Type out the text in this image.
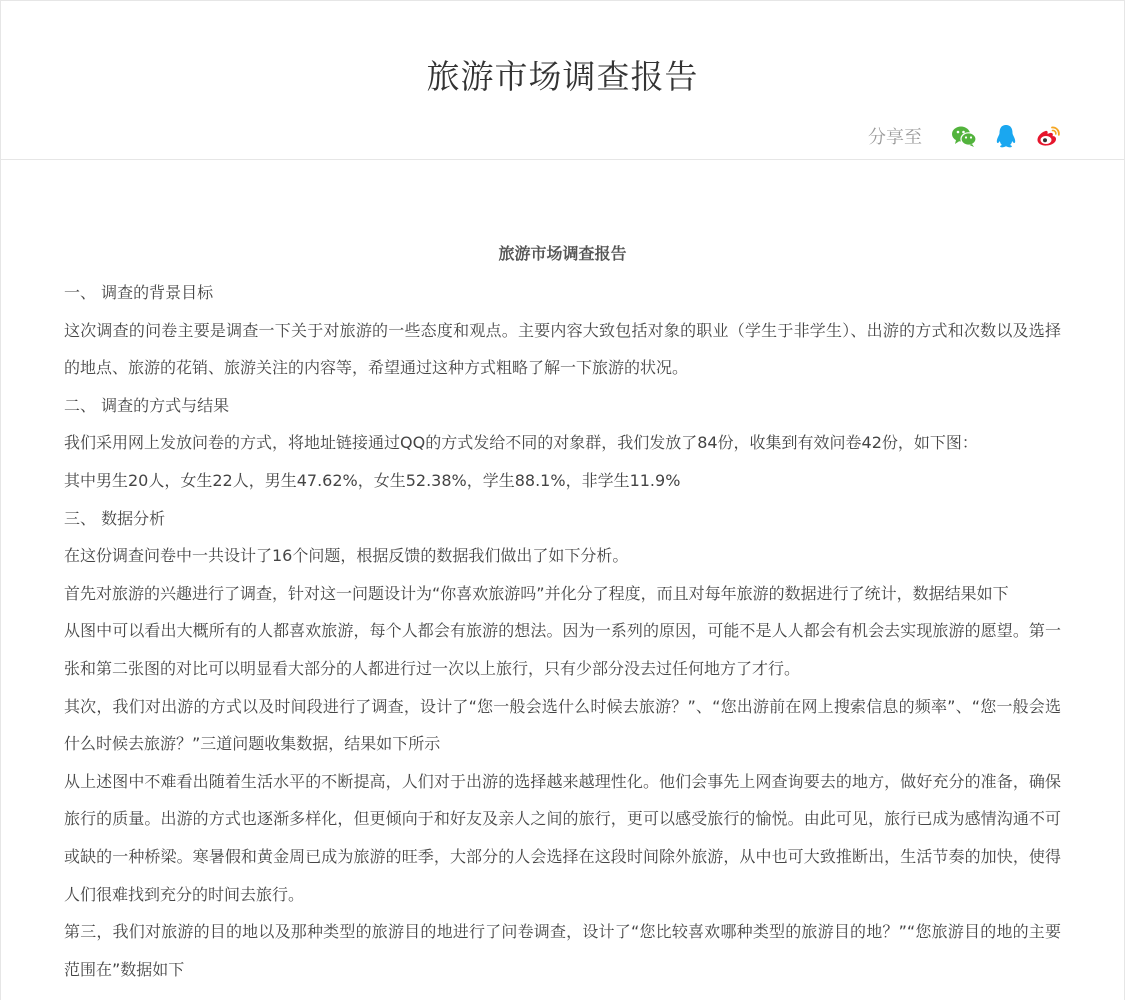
旅游市场调查报告
分享至

旅游市场调查报告

一、 调查的背景目标

这次调查的问卷主要是调查一下关于对旅游的一些态度和观点。主要内容大致包括对象的职业（学生于非学生）、出游的方式和次数以及选择的地点、旅游的花销、旅游关注的内容等，希望通过这种方式粗略了解一下旅游的状况。

二、 调查的方式与结果

我们采用网上发放问卷的方式，将地址链接通过QQ的方式发给不同的对象群，我们发放了84份，收集到有效问卷42份，如下图：

其中男生20人，女生22人，男生47.62%，女生52.38%，学生88.1%，非学生11.9%

三、 数据分析

在这份调查问卷中一共设计了16个问题，根据反馈的数据我们做出了如下分析。

首先对旅游的兴趣进行了调查，针对这一问题设计为“你喜欢旅游吗”并化分了程度，而且对每年旅游的数据进行了统计，数据结果如下

从图中可以看出大概所有的人都喜欢旅游，每个人都会有旅游的想法。因为一系列的原因，可能不是人人都会有机会去实现旅游的愿望。第一张和第二张图的对比可以明显看大部分的人都进行过一次以上旅行，只有少部分没去过任何地方了才行。

其次，我们对出游的方式以及时间段进行了调查，设计了“您一般会选什么时候去旅游？”、“您出游前在网上搜索信息的频率”、“您一般会选什么时候去旅游？”三道问题收集数据，结果如下所示

从上述图中不难看出随着生活水平的不断提高，人们对于出游的选择越来越理性化。他们会事先上网查询要去的地方，做好充分的准备，确保旅行的质量。出游的方式也逐渐多样化，但更倾向于和好友及亲人之间的旅行，更可以感受旅行的愉悦。由此可见，旅行已成为感情沟通不可或缺的一种桥梁。寒暑假和黄金周已成为旅游的旺季，大部分的人会选择在这段时间除外旅游，从中也可大致推断出，生活节奏的加快，使得人们很难找到充分的时间去旅行。

第三，我们对旅游的目的地以及那种类型的旅游目的地进行了问卷调查，设计了“您比较喜欢哪种类型的旅游目的地？”“您旅游目的地的主要范围在”数据如下
